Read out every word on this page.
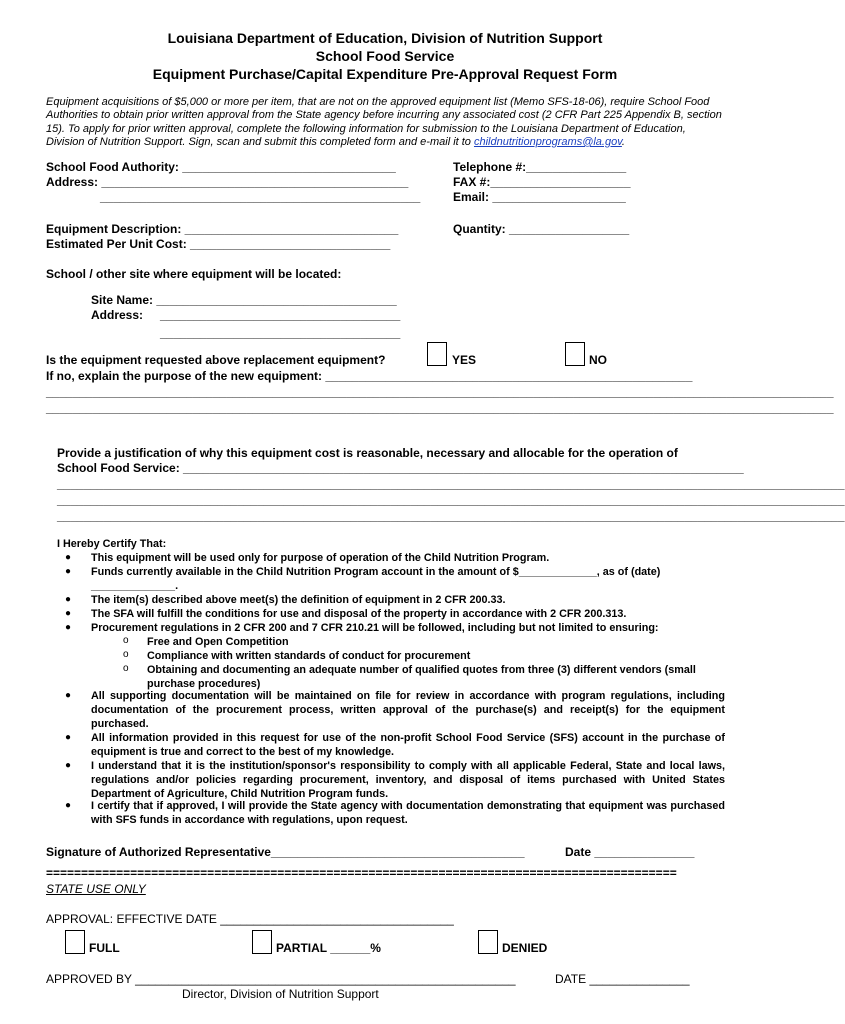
Louisiana Department of Education, Division of Nutrition Support
School Food Service
Equipment Purchase/Capital Expenditure Pre-Approval Request Form
Equipment acquisitions of $5,000 or more per item, that are not on the approved equipment list (Memo SFS-18-06), require School Food Authorities to obtain prior written approval from the State agency before incurring any associated cost (2 CFR Part 225 Appendix B, section 15). To apply for prior written approval, complete the following information for submission to the Louisiana Department of Education, Division of Nutrition Support. Sign, scan and submit this completed form and e-mail it to childnutritionprograms@la.gov.
School Food Authority: ________________________________
Address: ______________________________________________
________________________________________________
Telephone #:_______________
FAX #:_____________________
Email: ____________________
Equipment Description: ________________________________
Estimated Per Unit Cost: ______________________________
Quantity: __________________
School / other site where equipment will be located:
Site Name: ____________________________________
Address: ____________________________________
____________________________________
Is the equipment requested above replacement equipment?	YES	NO
If no, explain the purpose of the new equipment: _______________________________________________________
______________________________________________________________________________________________________________________
______________________________________________________________________________________________________________________
Provide a justification of why this equipment cost is reasonable, necessary and allocable for the operation of
School Food Service: ____________________________________________________________________________________
______________________________________________________________________________________________________________________
______________________________________________________________________________________________________________________
______________________________________________________________________________________________________________________
I Hereby Certify That:
● This equipment will be used only for purpose of operation of the Child Nutrition Program.
● Funds currently available in the Child Nutrition Program account in the amount of $_____________, as of (date) ______________.
● The item(s) described above meet(s) the definition of equipment in 2 CFR 200.33.
● The SFA will fulfill the conditions for use and disposal of the property in accordance with 2 CFR 200.313.
● Procurement regulations in 2 CFR 200 and 7 CFR 210.21 will be followed, including but not limited to ensuring:
o Free and Open Competition
o Compliance with written standards of conduct for procurement
o Obtaining and documenting an adequate number of qualified quotes from three (3) different vendors (small purchase procedures)
● All supporting documentation will be maintained on file for review in accordance with program regulations, including documentation of the procurement process, written approval of the purchase(s) and receipt(s) for the equipment purchased.
● All information provided in this request for use of the non-profit School Food Service (SFS) account in the purchase of equipment is true and correct to the best of my knowledge.
● I understand that it is the institution/sponsor's responsibility to comply with all applicable Federal, State and local laws, regulations and/or policies regarding procurement, inventory, and disposal of items purchased with United States Department of Agriculture, Child Nutrition Program funds.
● I certify that if approved, I will provide the State agency with documentation demonstrating that equipment was purchased with SFS funds in accordance with regulations, upon request.
Signature of Authorized Representative______________________________________	Date _______________
==========================================================================================
STATE USE ONLY
APPROVAL: EFFECTIVE DATE ___________________________________
FULL	PARTIAL ______%	DENIED
APPROVED BY _________________________________________________________	DATE _______________
Director, Division of Nutrition Support
